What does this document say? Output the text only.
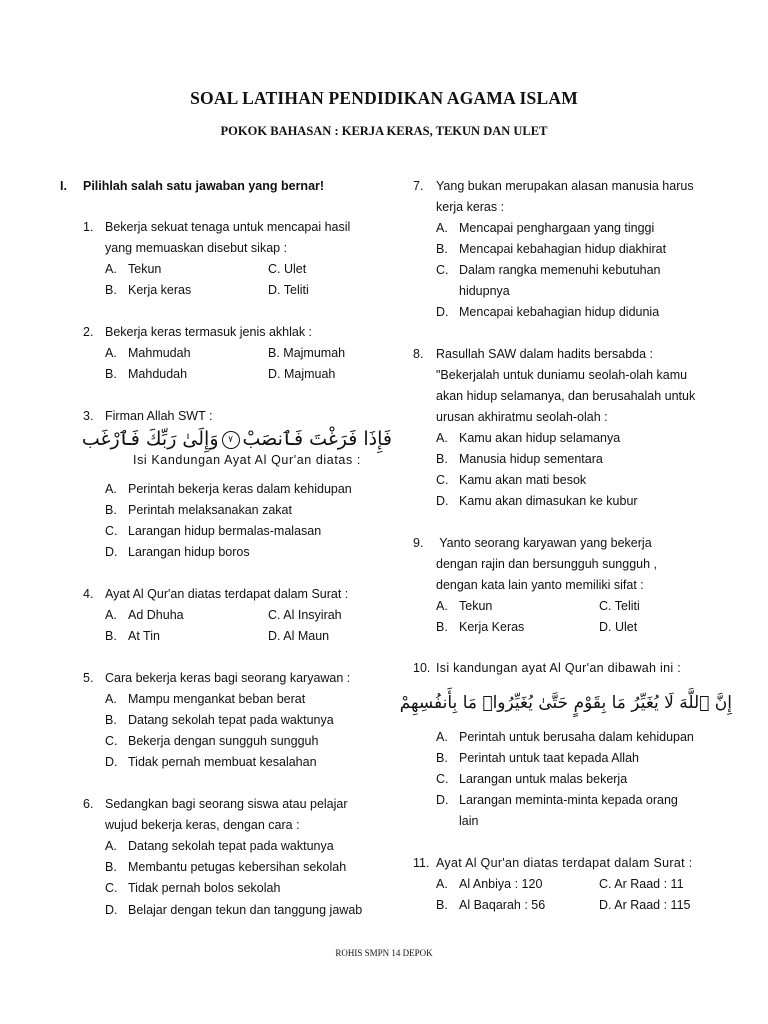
SOAL LATIHAN PENDIDIKAN AGAMA ISLAM
POKOK BAHASAN : KERJA KERAS, TEKUN DAN ULET
I. Pilihlah salah satu jawaban yang bernar!
1. Bekerja sekuat tenaga untuk mencapai hasil
yang memuaskan disebut sikap :
A. Tekun	C. Ulet
B. Kerja keras	D. Teliti
2. Bekerja keras termasuk jenis akhlak :
A. Mahmudah	B. Majmumah
B. Mahdudah	D. Majmuah
3. Firman Allah SWT :
فَإِذَا فَرَغْتَ فَٱنصَبْ٧وَإِلَىٰ رَبِّكَ فَٱرْغَب
Isi Kandungan Ayat Al Qur'an diatas :
A. Perintah bekerja keras dalam kehidupan
B. Perintah melaksanakan zakat
C. Larangan hidup bermalas-malasan
D. Larangan hidup boros
4. Ayat Al Qur'an diatas terdapat dalam Surat :
A. Ad Dhuha	C. Al Insyirah
B. At Tin	D. Al Maun
5. Cara bekerja keras bagi seorang karyawan :
A. Mampu mengankat beban berat
B. Datang sekolah tepat pada waktunya
C. Bekerja dengan sungguh sungguh
D. Tidak pernah membuat kesalahan
6. Sedangkan bagi seorang siswa atau pelajar
wujud bekerja keras, dengan cara :
A. Datang sekolah tepat pada waktunya
B. Membantu petugas kebersihan sekolah
C. Tidak pernah bolos sekolah
D. Belajar dengan tekun dan tanggung jawab
7. Yang bukan merupakan alasan manusia harus
kerja keras :
A. Mencapai penghargaan yang tinggi
B. Mencapai kebahagian hidup diakhirat
C. Dalam rangka memenuhi kebutuhan
hidupnya
D. Mencapai kebahagian hidup didunia
8. Rasullah SAW dalam hadits bersabda :
"Bekerjalah untuk duniamu seolah-olah kamu
akan hidup selamanya, dan berusahalah untuk
urusan akhiratmu seolah-olah :
A. Kamu akan hidup selamanya
B. Manusia hidup sementara
C. Kamu akan mati besok
D. Kamu akan dimasukan ke kubur
9. Yanto seorang karyawan yang bekerja
dengan rajin dan bersungguh sungguh ,
dengan kata lain yanto memiliki sifat :
A. Tekun	C. Teliti
B. Kerja Keras	D. Ulet
10. Isi kandungan ayat Al Qur'an dibawah ini :
إِنَّ ٱللَّهَ لَا يُغَيِّرُ مَا بِقَوْمٍ حَتَّىٰ يُغَيِّرُوا۟ مَا بِأَنفُسِهِمْ
A. Perintah untuk berusaha dalam kehidupan
B. Perintah untuk taat kepada Allah
C. Larangan untuk malas bekerja
D. Larangan meminta-minta kepada orang
lain
11. Ayat Al Qur'an diatas terdapat dalam Surat :
A. Al Anbiya : 120	C. Ar Raad : 11
B. Al Baqarah : 56	D. Ar Raad : 115
ROHIS SMPN 14 DEPOK
